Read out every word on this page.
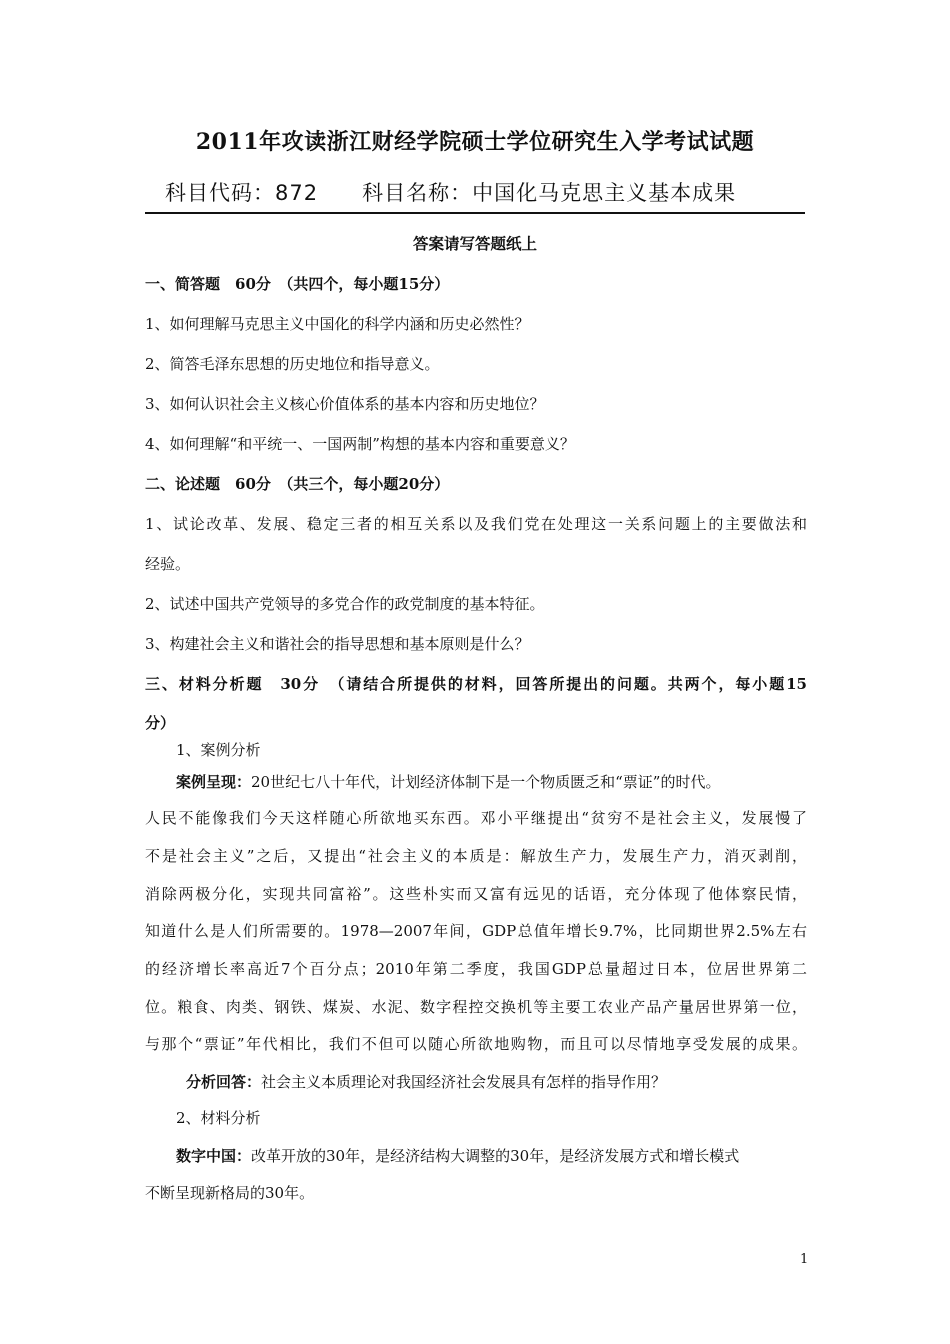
2011年攻读浙江财经学院硕士学位研究生入学考试试题
科目代码：872 科目名称：中国化马克思主义基本成果
答案请写答题纸上
一、简答题　60分　（共四个，每小题15分）
1、如何理解马克思主义中国化的科学内涵和历史必然性？
2、简答毛泽东思想的历史地位和指导意义。
3、如何认识社会主义核心价值体系的基本内容和历史地位？
4、如何理解“和平统一、一国两制”构想的基本内容和重要意义？
二、论述题　60分　（共三个，每小题20分）
1、试论改革、发展、稳定三者的相互关系以及我们党在处理这一关系问题上的主要做法和
经验。
2、试述中国共产党领导的多党合作的政党制度的基本特征。
3、构建社会主义和谐社会的指导思想和基本原则是什么？
三、材料分析题　30分　（请结合所提供的材料，回答所提出的问题。共两个，每小题15
分）
1、案例分析
案例呈现：20世纪七八十年代，计划经济体制下是一个物质匮乏和“票证”的时代。
人民不能像我们今天这样随心所欲地买东西。邓小平继提出“贫穷不是社会主义，发展慢了
不是社会主义”之后，又提出“社会主义的本质是：解放生产力，发展生产力，消灭剥削，
消除两极分化，实现共同富裕”。这些朴实而又富有远见的话语，充分体现了他体察民情，
知道什么是人们所需要的。1978—2007年间，GDP总值年增长9.7%，比同期世界2.5%左右
的经济增长率高近7个百分点；2010年第二季度，我国GDP总量超过日本，位居世界第二
位。粮食、肉类、钢铁、煤炭、水泥、数字程控交换机等主要工农业产品产量居世界第一位，
与那个“票证”年代相比，我们不但可以随心所欲地购物，而且可以尽情地享受发展的成果。
分析回答：社会主义本质理论对我国经济社会发展具有怎样的指导作用？
2、材料分析
数字中国：改革开放的30年，是经济结构大调整的30年，是经济发展方式和增长模式
不断呈现新格局的30年。
1
